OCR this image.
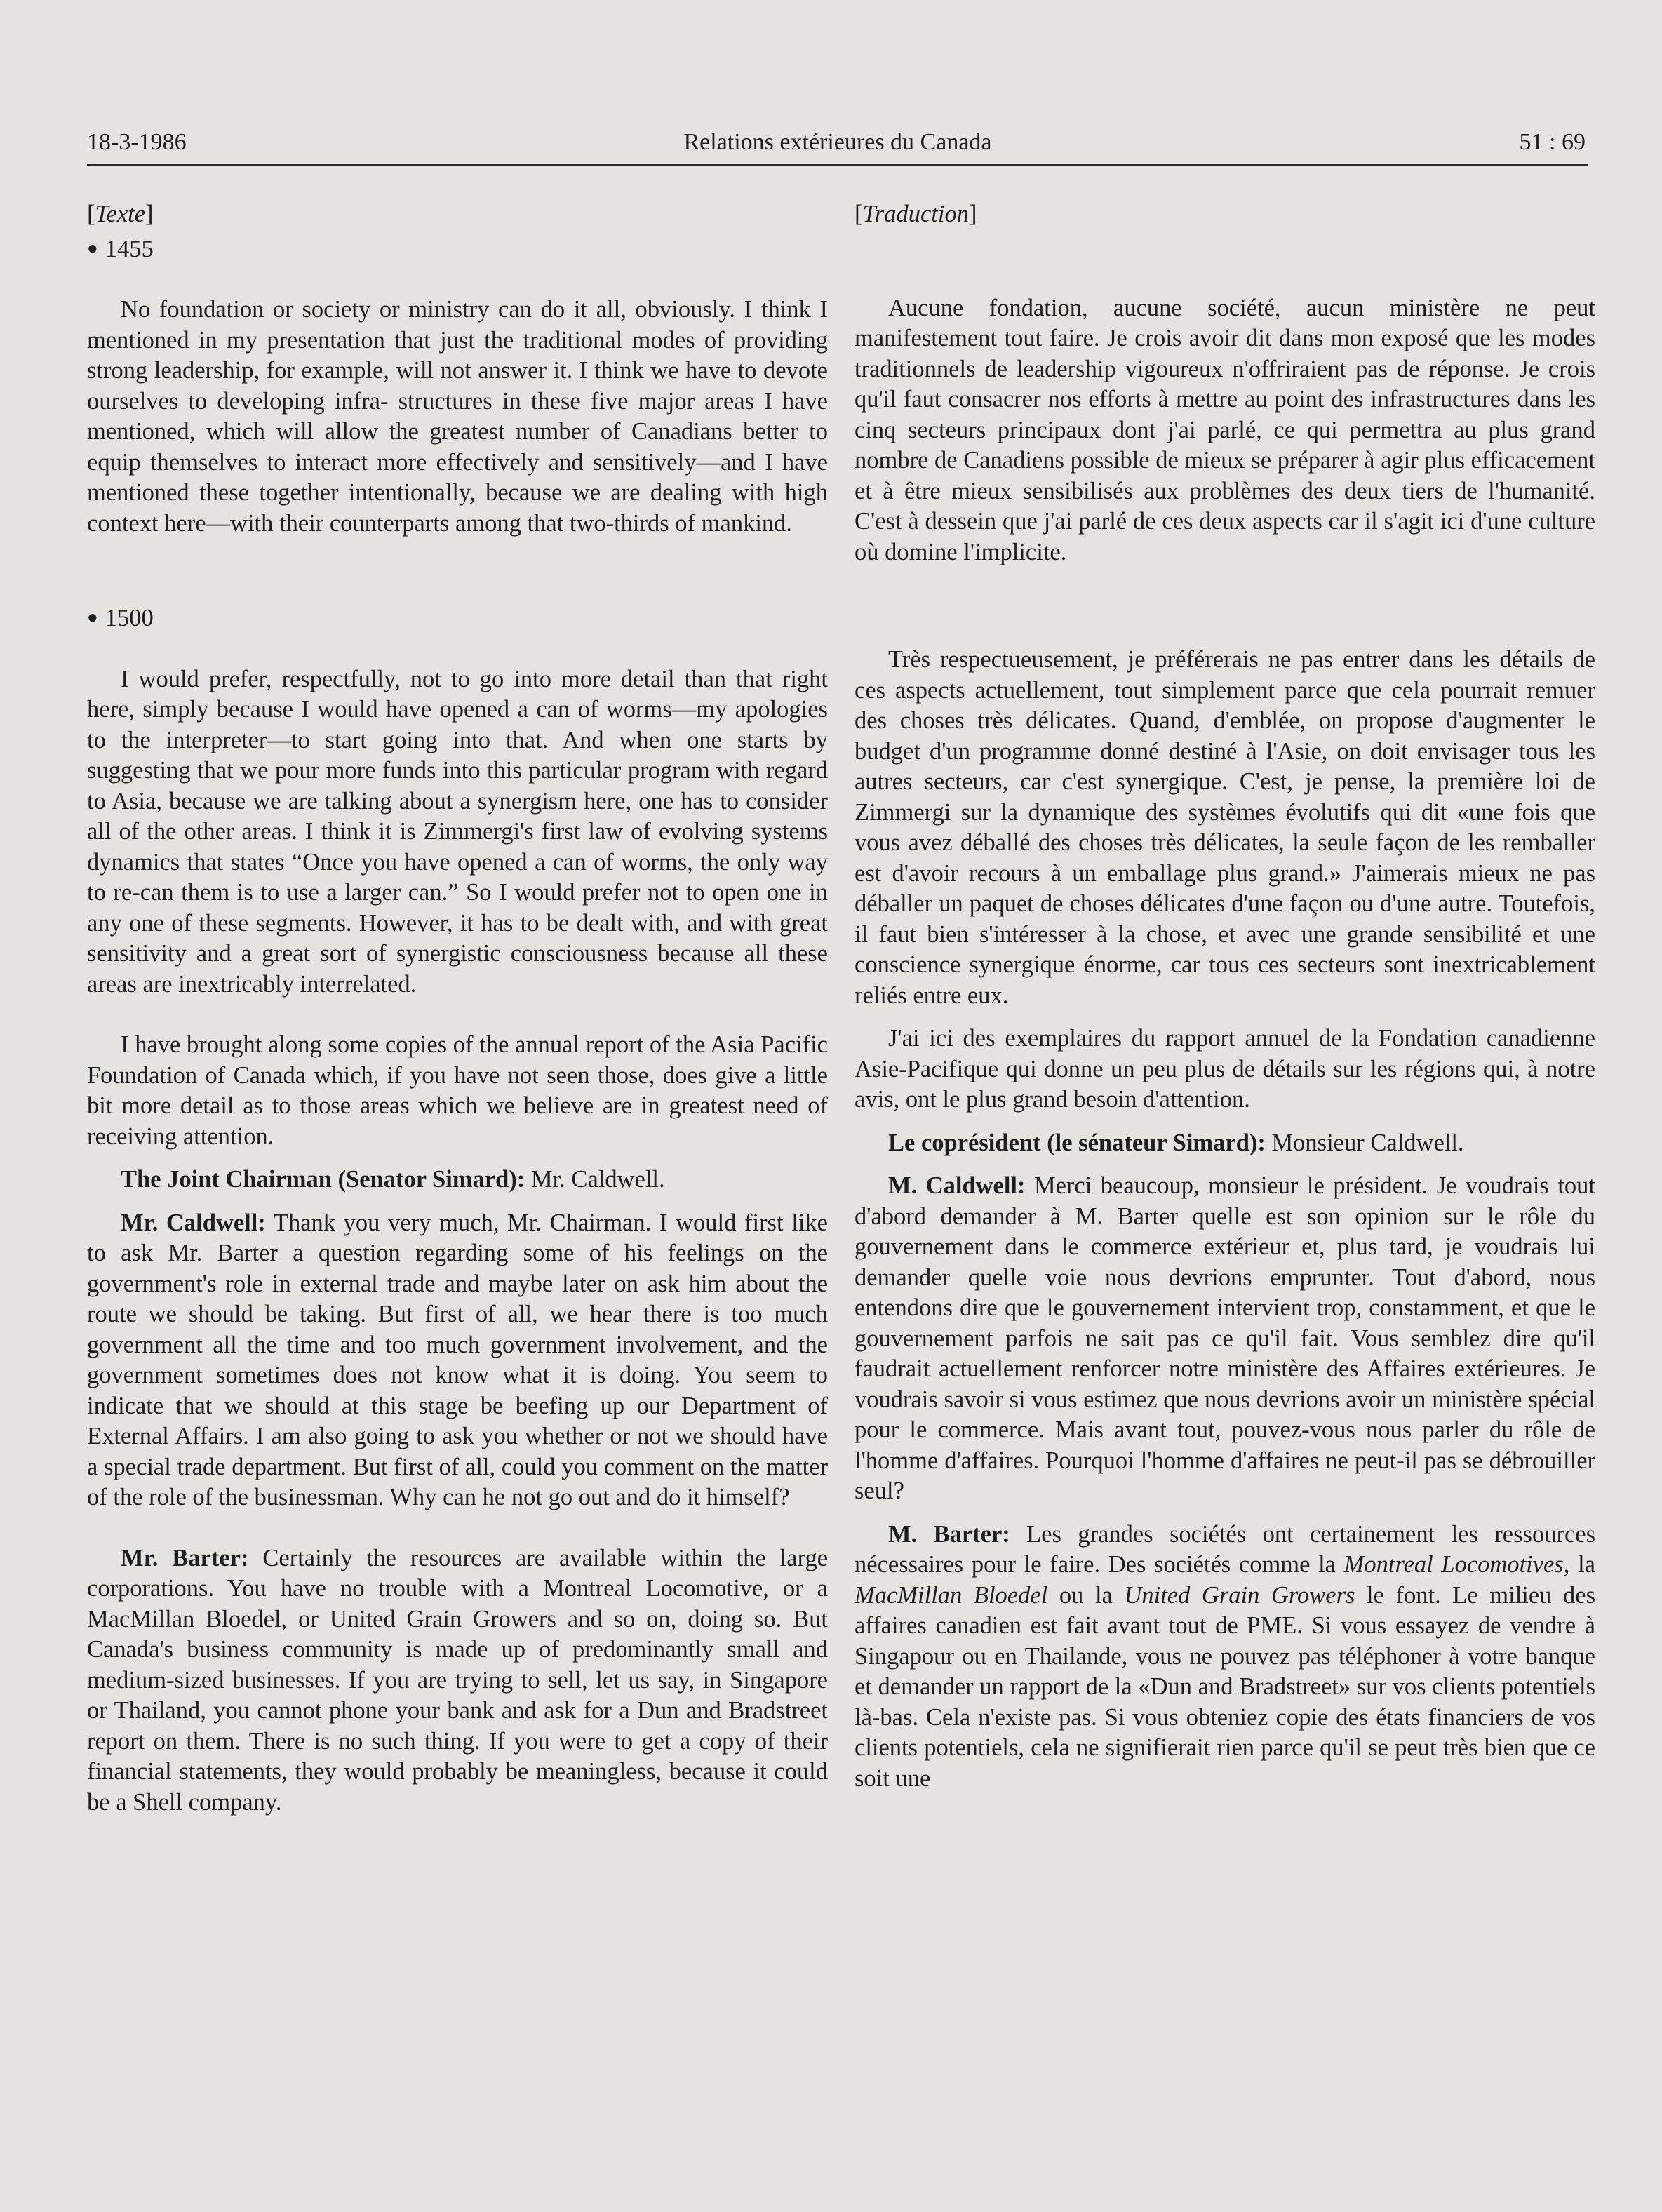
18-3-1986	Relations extérieures du Canada	51 : 69

[Texte]

● 1455

No foundation or society or ministry can do it all, obviously. I think I mentioned in my presentation that just the traditional modes of providing strong leadership, for example, will not answer it. I think we have to devote ourselves to developing infra- structures in these five major areas I have mentioned, which will allow the greatest number of Canadians better to equip themselves to interact more effectively and sensitively—and I have mentioned these together intentionally, because we are dealing with high context here—with their counterparts among that two-thirds of mankind.

● 1500

I would prefer, respectfully, not to go into more detail than that right here, simply because I would have opened a can of worms—my apologies to the interpreter—to start going into that. And when one starts by suggesting that we pour more funds into this particular program with regard to Asia, because we are talking about a synergism here, one has to consider all of the other areas. I think it is Zimmergi's first law of evolving systems dynamics that states “Once you have opened a can of worms, the only way to re-can them is to use a larger can.” So I would prefer not to open one in any one of these segments. However, it has to be dealt with, and with great sensitivity and a great sort of synergistic consciousness because all these areas are inextricably interrelated.

I have brought along some copies of the annual report of the Asia Pacific Foundation of Canada which, if you have not seen those, does give a little bit more detail as to those areas which we believe are in greatest need of receiving attention.

The Joint Chairman (Senator Simard): Mr. Caldwell.

Mr. Caldwell: Thank you very much, Mr. Chairman. I would first like to ask Mr. Barter a question regarding some of his feelings on the government's role in external trade and maybe later on ask him about the route we should be taking. But first of all, we hear there is too much government all the time and too much government involvement, and the government sometimes does not know what it is doing. You seem to indicate that we should at this stage be beefing up our Department of External Affairs. I am also going to ask you whether or not we should have a special trade department. But first of all, could you comment on the matter of the role of the businessman. Why can he not go out and do it himself?

Mr. Barter: Certainly the resources are available within the large corporations. You have no trouble with a Montreal Locomotive, or a MacMillan Bloedel, or United Grain Growers and so on, doing so. But Canada's business community is made up of predominantly small and medium-sized businesses. If you are trying to sell, let us say, in Singapore or Thailand, you cannot phone your bank and ask for a Dun and Bradstreet report on them. There is no such thing. If you were to get a copy of their financial statements, they would probably be meaningless, because it could be a Shell company.

[Traduction]

Aucune fondation, aucune société, aucun ministère ne peut manifestement tout faire. Je crois avoir dit dans mon exposé que les modes traditionnels de leadership vigoureux n'offriraient pas de réponse. Je crois qu'il faut consacrer nos efforts à mettre au point des infrastructures dans les cinq secteurs principaux dont j'ai parlé, ce qui permettra au plus grand nombre de Canadiens possible de mieux se préparer à agir plus efficacement et à être mieux sensibilisés aux problèmes des deux tiers de l'humanité. C'est à dessein que j'ai parlé de ces deux aspects car il s'agit ici d'une culture où domine l'implicite.

Très respectueusement, je préférerais ne pas entrer dans les détails de ces aspects actuellement, tout simplement parce que cela pourrait remuer des choses très délicates. Quand, d'emblée, on propose d'augmenter le budget d'un programme donné destiné à l'Asie, on doit envisager tous les autres secteurs, car c'est synergique. C'est, je pense, la première loi de Zimmergi sur la dynamique des systèmes évolutifs qui dit «une fois que vous avez déballé des choses très délicates, la seule façon de les remballer est d'avoir recours à un emballage plus grand.» J'aimerais mieux ne pas déballer un paquet de choses délicates d'une façon ou d'une autre. Toutefois, il faut bien s'intéresser à la chose, et avec une grande sensibilité et une conscience synergique énorme, car tous ces secteurs sont inextricablement reliés entre eux.

J'ai ici des exemplaires du rapport annuel de la Fondation canadienne Asie-Pacifique qui donne un peu plus de détails sur les régions qui, à notre avis, ont le plus grand besoin d'attention.

Le coprésident (le sénateur Simard): Monsieur Caldwell.

M. Caldwell: Merci beaucoup, monsieur le président. Je voudrais tout d'abord demander à M. Barter quelle est son opinion sur le rôle du gouvernement dans le commerce extérieur et, plus tard, je voudrais lui demander quelle voie nous devrions emprunter. Tout d'abord, nous entendons dire que le gouvernement intervient trop, constamment, et que le gouvernement parfois ne sait pas ce qu'il fait. Vous semblez dire qu'il faudrait actuellement renforcer notre ministère des Affaires extérieures. Je voudrais savoir si vous estimez que nous devrions avoir un ministère spécial pour le commerce. Mais avant tout, pouvez-vous nous parler du rôle de l'homme d'affaires. Pourquoi l'homme d'affaires ne peut-il pas se débrouiller seul?

M. Barter: Les grandes sociétés ont certainement les ressources nécessaires pour le faire. Des sociétés comme la Montreal Locomotives, la MacMillan Bloedel ou la United Grain Growers le font. Le milieu des affaires canadien est fait avant tout de PME. Si vous essayez de vendre à Singapour ou en Thailande, vous ne pouvez pas téléphoner à votre banque et demander un rapport de la «Dun and Bradstreet» sur vos clients potentiels là-bas. Cela n'existe pas. Si vous obteniez copie des états financiers de vos clients potentiels, cela ne signifierait rien parce qu'il se peut très bien que ce soit une
